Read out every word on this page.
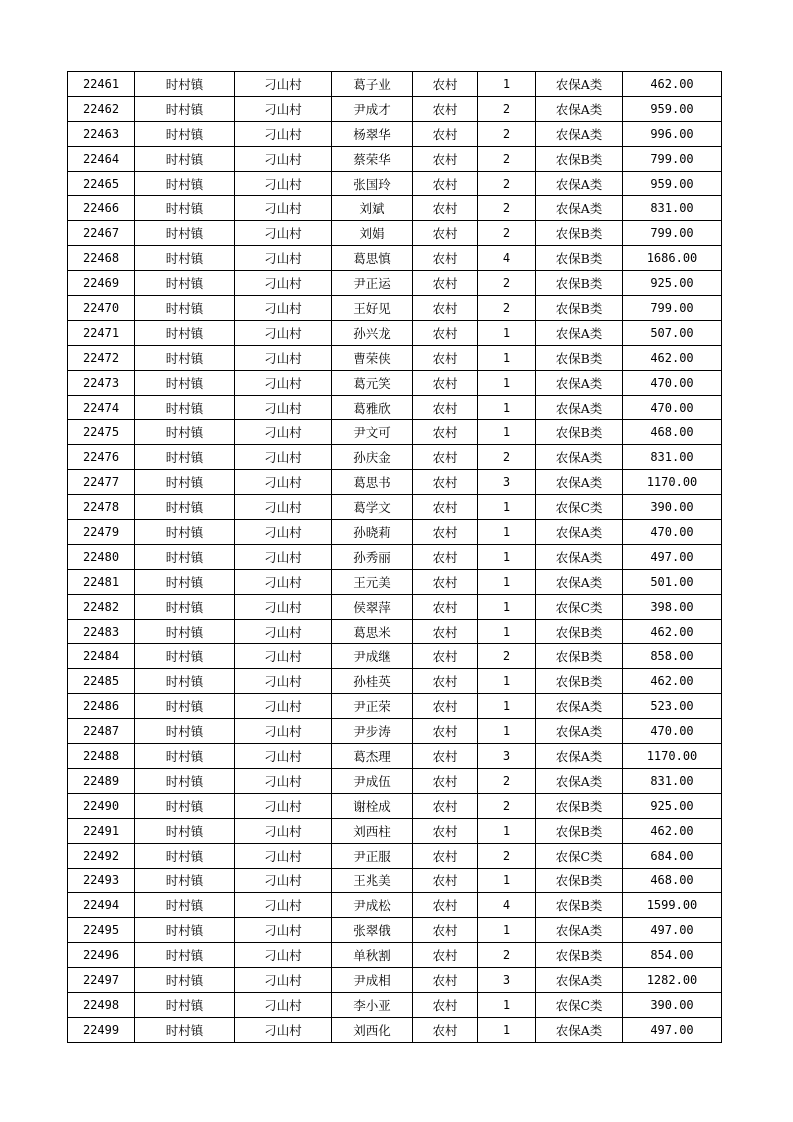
22461	时村镇	刁山村	葛子业	农村	1	农保A类	462.00
22462	时村镇	刁山村	尹成才	农村	2	农保A类	959.00
22463	时村镇	刁山村	杨翠华	农村	2	农保A类	996.00
22464	时村镇	刁山村	蔡荣华	农村	2	农保B类	799.00
22465	时村镇	刁山村	张国玲	农村	2	农保A类	959.00
22466	时村镇	刁山村	刘斌	农村	2	农保A类	831.00
22467	时村镇	刁山村	刘娟	农村	2	农保B类	799.00
22468	时村镇	刁山村	葛思慎	农村	4	农保B类	1686.00
22469	时村镇	刁山村	尹正运	农村	2	农保B类	925.00
22470	时村镇	刁山村	王好见	农村	2	农保B类	799.00
22471	时村镇	刁山村	孙兴龙	农村	1	农保A类	507.00
22472	时村镇	刁山村	曹荣侠	农村	1	农保B类	462.00
22473	时村镇	刁山村	葛元笑	农村	1	农保A类	470.00
22474	时村镇	刁山村	葛雅欣	农村	1	农保A类	470.00
22475	时村镇	刁山村	尹文可	农村	1	农保B类	468.00
22476	时村镇	刁山村	孙庆金	农村	2	农保A类	831.00
22477	时村镇	刁山村	葛思书	农村	3	农保A类	1170.00
22478	时村镇	刁山村	葛学文	农村	1	农保C类	390.00
22479	时村镇	刁山村	孙晓莉	农村	1	农保A类	470.00
22480	时村镇	刁山村	孙秀丽	农村	1	农保A类	497.00
22481	时村镇	刁山村	王元美	农村	1	农保A类	501.00
22482	时村镇	刁山村	侯翠萍	农村	1	农保C类	398.00
22483	时村镇	刁山村	葛思米	农村	1	农保B类	462.00
22484	时村镇	刁山村	尹成继	农村	2	农保B类	858.00
22485	时村镇	刁山村	孙桂英	农村	1	农保B类	462.00
22486	时村镇	刁山村	尹正荣	农村	1	农保A类	523.00
22487	时村镇	刁山村	尹步涛	农村	1	农保A类	470.00
22488	时村镇	刁山村	葛杰理	农村	3	农保A类	1170.00
22489	时村镇	刁山村	尹成伍	农村	2	农保A类	831.00
22490	时村镇	刁山村	谢栓成	农村	2	农保B类	925.00
22491	时村镇	刁山村	刘西柱	农村	1	农保B类	462.00
22492	时村镇	刁山村	尹正服	农村	2	农保C类	684.00
22493	时村镇	刁山村	王兆美	农村	1	农保B类	468.00
22494	时村镇	刁山村	尹成松	农村	4	农保B类	1599.00
22495	时村镇	刁山村	张翠俄	农村	1	农保A类	497.00
22496	时村镇	刁山村	单秋割	农村	2	农保B类	854.00
22497	时村镇	刁山村	尹成相	农村	3	农保A类	1282.00
22498	时村镇	刁山村	李小亚	农村	1	农保C类	390.00
22499	时村镇	刁山村	刘西化	农村	1	农保A类	497.00
